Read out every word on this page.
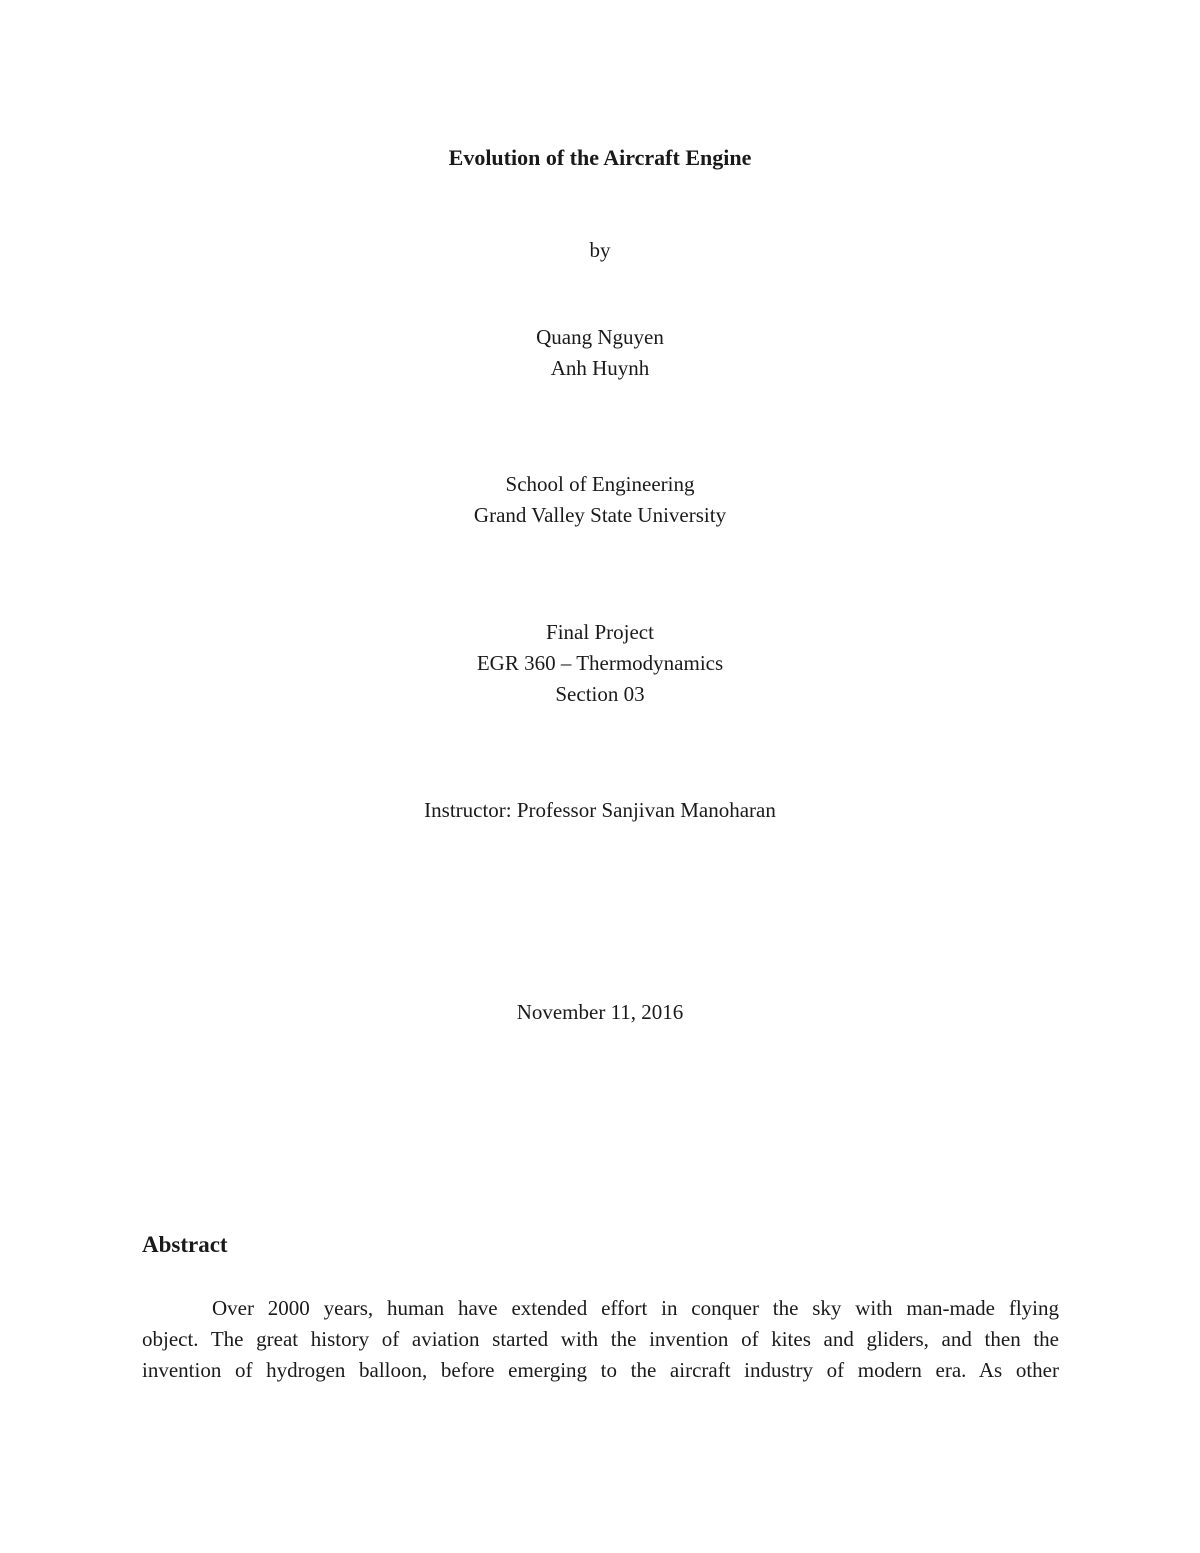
Evolution of the Aircraft Engine
by
Quang Nguyen
Anh Huynh
School of Engineering
Grand Valley State University
Final Project
EGR 360 – Thermodynamics
Section 03
Instructor: Professor Sanjivan Manoharan
November 11, 2016
Abstract
Over 2000 years, human have extended effort in conquer the sky with man-made flying
object. The great history of aviation started with the invention of kites and gliders, and then the
invention of hydrogen balloon, before emerging to the aircraft industry of modern era. As other
